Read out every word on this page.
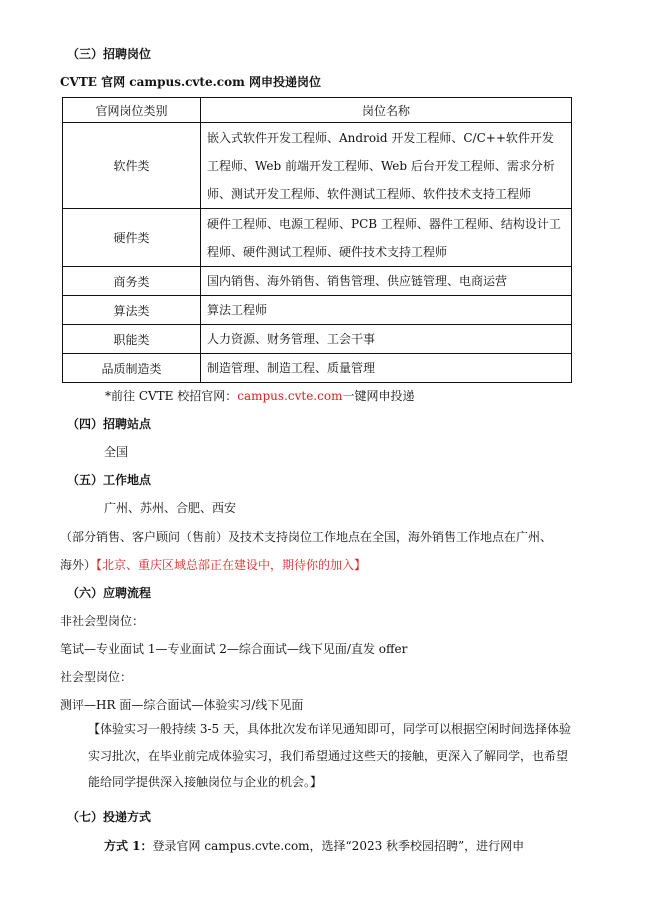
（三）招聘岗位
CVTE 官网 campus.cvte.com 网申投递岗位
官网岗位类别	岗位名称
软件类	嵌入式软件开发工程师、Android 开发工程师、C/C++软件开发工程师、Web 前端开发工程师、Web 后台开发工程师、需求分析师、测试开发工程师、软件测试工程师、软件技术支持工程师
硬件类	硬件工程师、电源工程师、PCB 工程师、器件工程师、结构设计工程师、硬件测试工程师、硬件技术支持工程师
商务类	国内销售、海外销售、销售管理、供应链管理、电商运营
算法类	算法工程师
职能类	人力资源、财务管理、工会干事
品质制造类	制造管理、制造工程、质量管理
*前往 CVTE 校招官网：campus.cvte.com一键网申投递
（四）招聘站点
全国
（五）工作地点
广州、苏州、合肥、西安
（部分销售、客户顾问（售前）及技术支持岗位工作地点在全国，海外销售工作地点在广州、
海外）【北京、重庆区域总部正在建设中，期待你的加入】
（六）应聘流程
非社会型岗位：
笔试—专业面试 1—专业面试 2—综合面试—线下见面/直发 offer
社会型岗位：
测评—HR 面—综合面试—体验实习/线下见面
【体验实习一般持续 3-5 天，具体批次发布详见通知即可，同学可以根据空闲时间选择体验实习批次，在毕业前完成体验实习，我们希望通过这些天的接触，更深入了解同学，也希望能给同学提供深入接触岗位与企业的机会。】
（七）投递方式
方式 1：登录官网 campus.cvte.com，选择“2023 秋季校园招聘”，进行网申
